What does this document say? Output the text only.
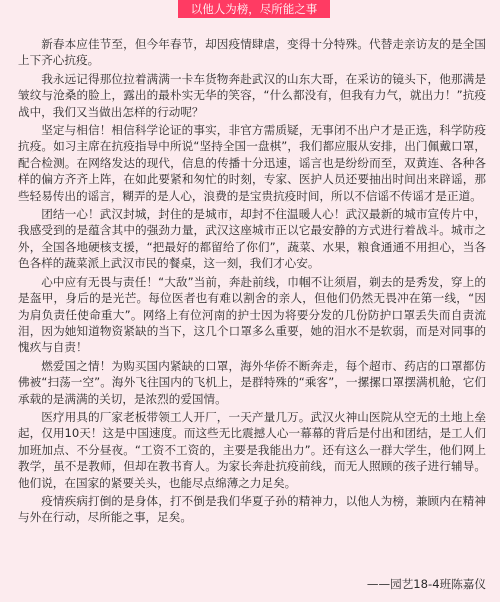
以他人为榜，尽所能之事

新春本应佳节至，但今年春节，却因疫情肆虐，变得十分特殊。代替走亲访友的是全国上下齐心抗疫。

我永远记得那位拉着满满一卡车货物奔赴武汉的山东大哥，在采访的镜头下，他那满是皱纹与沧桑的脸上，露出的最朴实无华的笑容，“什么都没有，但我有力气，就出力！”抗疫战中，我们又当做出怎样的行动呢？

坚定与相信！相信科学论证的事实，非官方需质疑，无事闭不出户才是正选，科学防疫抗疫。如习主席在抗疫指导中所说“坚持全国一盘棋”，我们都应服从安排，出门佩戴口罩，配合检测。在网络发达的现代，信息的传播十分迅速，谣言也是纷纷而至，双黄连、各种各样的偏方齐齐上阵，在如此要紧和匆忙的时刻，专家、医护人员还要抽出时间出来辟谣，那些轻易传出的谣言，糊弄的是人心，浪费的是宝贵抗疫时间，所以不信谣不传谣才是正道。

团结一心！武汉封城，封住的是城市，却封不住温暖人心！武汉最新的城市宣传片中，我感受到的是蕴含其中的强劲力量，武汉这座城市正以它最安静的方式进行着战斗。城市之外，全国各地硬核支援，“把最好的都留给了你们”，蔬菜、水果，粮食通通不用担心，当各色各样的蔬菜派上武汉市民的餐桌，这一刻，我们才心安。

心中应有无畏与责任！“大敌”当前，奔赴前线，巾帼不让须眉，剃去的是秀发，穿上的是盔甲，身后的是光芒。每位医者也有难以割舍的亲人，但他们仍然无畏冲在第一线，“因为肩负责任使命重大”。网络上有位河南的护士因为将要分发的几份防护口罩丢失而自责流泪，因为她知道物资紧缺的当下，这几个口罩多么重要，她的泪水不是软弱，而是对同事的愧疚与自责！

燃爱国之情！为购买国内紧缺的口罩，海外华侨不断奔走，每个超市、药店的口罩都仿佛被“扫荡一空”。海外飞往国内的飞机上，是群特殊的“乘客”，一摞摞口罩摆满机舱，它们承载的是满满的关切，是浓烈的爱国情。

医疗用具的厂家老板带领工人开厂，一天产量几万。武汉火神山医院从空无的土地上垒起，仅用10天！这是中国速度。而这些无比震撼人心一幕幕的背后是付出和团结，是工人们加班加点、不分昼夜。“工资不工资的，主要是我能出力”。还有这么一群大学生，他们网上教学，虽不是教师，但却在教书育人。为家长奔赴抗疫前线，而无人照顾的孩子进行辅导。他们说，在国家的紧要关头，也能尽点绵薄之力足矣。

疫情疾病打倒的是身体，打不倒是我们华夏子孙的精神力，以他人为榜，兼顾内在精神与外在行动，尽所能之事，足矣。

——园艺18-4班陈嘉仪
